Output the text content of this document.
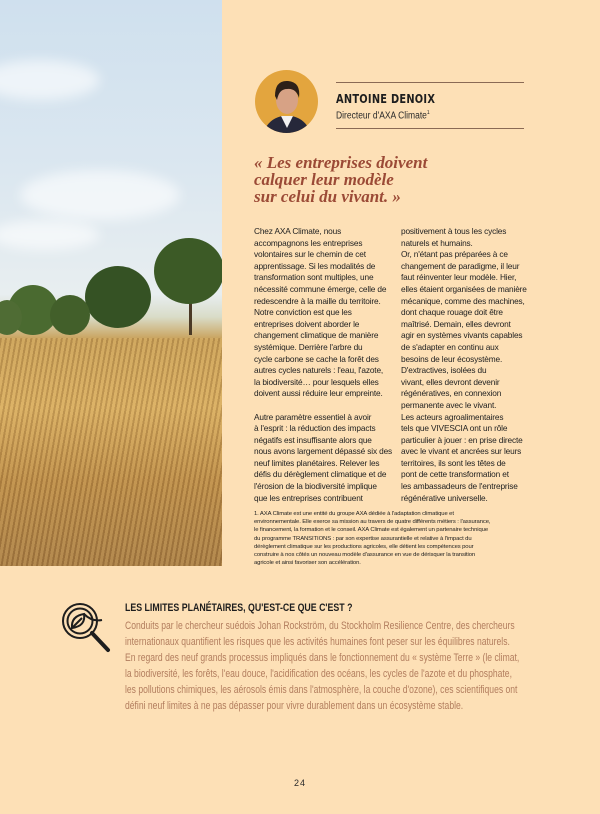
ANTOINE DENOIX
Directeur d'AXA Climate$^1$
« Les entreprises doivent
calquer leur modèle
sur celui du vivant. »
Chez AXA Climate, nous
accompagnons les entreprises
volontaires sur le chemin de cet
apprentissage. Si les modalités de
transformation sont multiples, une
nécessité commune émerge, celle de
redescendre à la maille du territoire.
Notre conviction est que les
entreprises doivent aborder le
changement climatique de manière
systémique. Derrière l'arbre du
cycle carbone se cache la forêt des
autres cycles naturels : l'eau, l'azote,
la biodiversité… pour lesquels elles
doivent aussi réduire leur empreinte.
Autre paramètre essentiel à avoir
à l'esprit : la réduction des impacts
négatifs est insuffisante alors que
nous avons largement dépassé six des
neuf limites planétaires. Relever les
défis du dérèglement climatique et de
l'érosion de la biodiversité implique
que les entreprises contribuent
positivement à tous les cycles
naturels et humains.
Or, n'étant pas préparées à ce
changement de paradigme, il leur
faut réinventer leur modèle. Hier,
elles étaient organisées de manière
mécanique, comme des machines,
dont chaque rouage doit être
maîtrisé. Demain, elles devront
agir en systèmes vivants capables
de s'adapter en continu aux
besoins de leur écosystème.
D'extractives, isolées du
vivant, elles devront devenir
régénératives, en connexion
permanente avec le vivant.
Les acteurs agroalimentaires
tels que VIVESCIA ont un rôle
particulier à jouer : en prise directe
avec le vivant et ancrées sur leurs
territoires, ils sont les têtes de
pont de cette transformation et
les ambassadeurs de l'entreprise
régénérative universelle.
1. AXA Climate est une entité du groupe AXA dédiée à l'adaptation climatique et
environnementale. Elle exerce sa mission au travers de quatre différents métiers : l'assurance,
le financement, la formation et le conseil. AXA Climate est également un partenaire technique
du programme TRANSITIONS : par son expertise assurantielle et relative à l'impact du
dérèglement climatique sur les productions agricoles, elle détient les compétences pour
construire à nos côtés un nouveau modèle d'assurance en vue de dérisquer la transition
agricole et ainsi favoriser son accélération.
LES LIMITES PLANÉTAIRES, QU'EST-CE QUE C'EST ?
Conduits par le chercheur suédois Johan Rockström, du Stockholm Resilience Centre, des chercheurs
internationaux quantifient les risques que les activités humaines font peser sur les équilibres naturels.
En regard des neuf grands processus impliqués dans le fonctionnement du « système Terre » (le climat,
la biodiversité, les forêts, l'eau douce, l'acidification des océans, les cycles de l'azote et du phosphate,
les pollutions chimiques, les aérosols émis dans l'atmosphère, la couche d'ozone), ces scientifiques ont
défini neuf limites à ne pas dépasser pour vivre durablement dans un écosystème stable.
24
